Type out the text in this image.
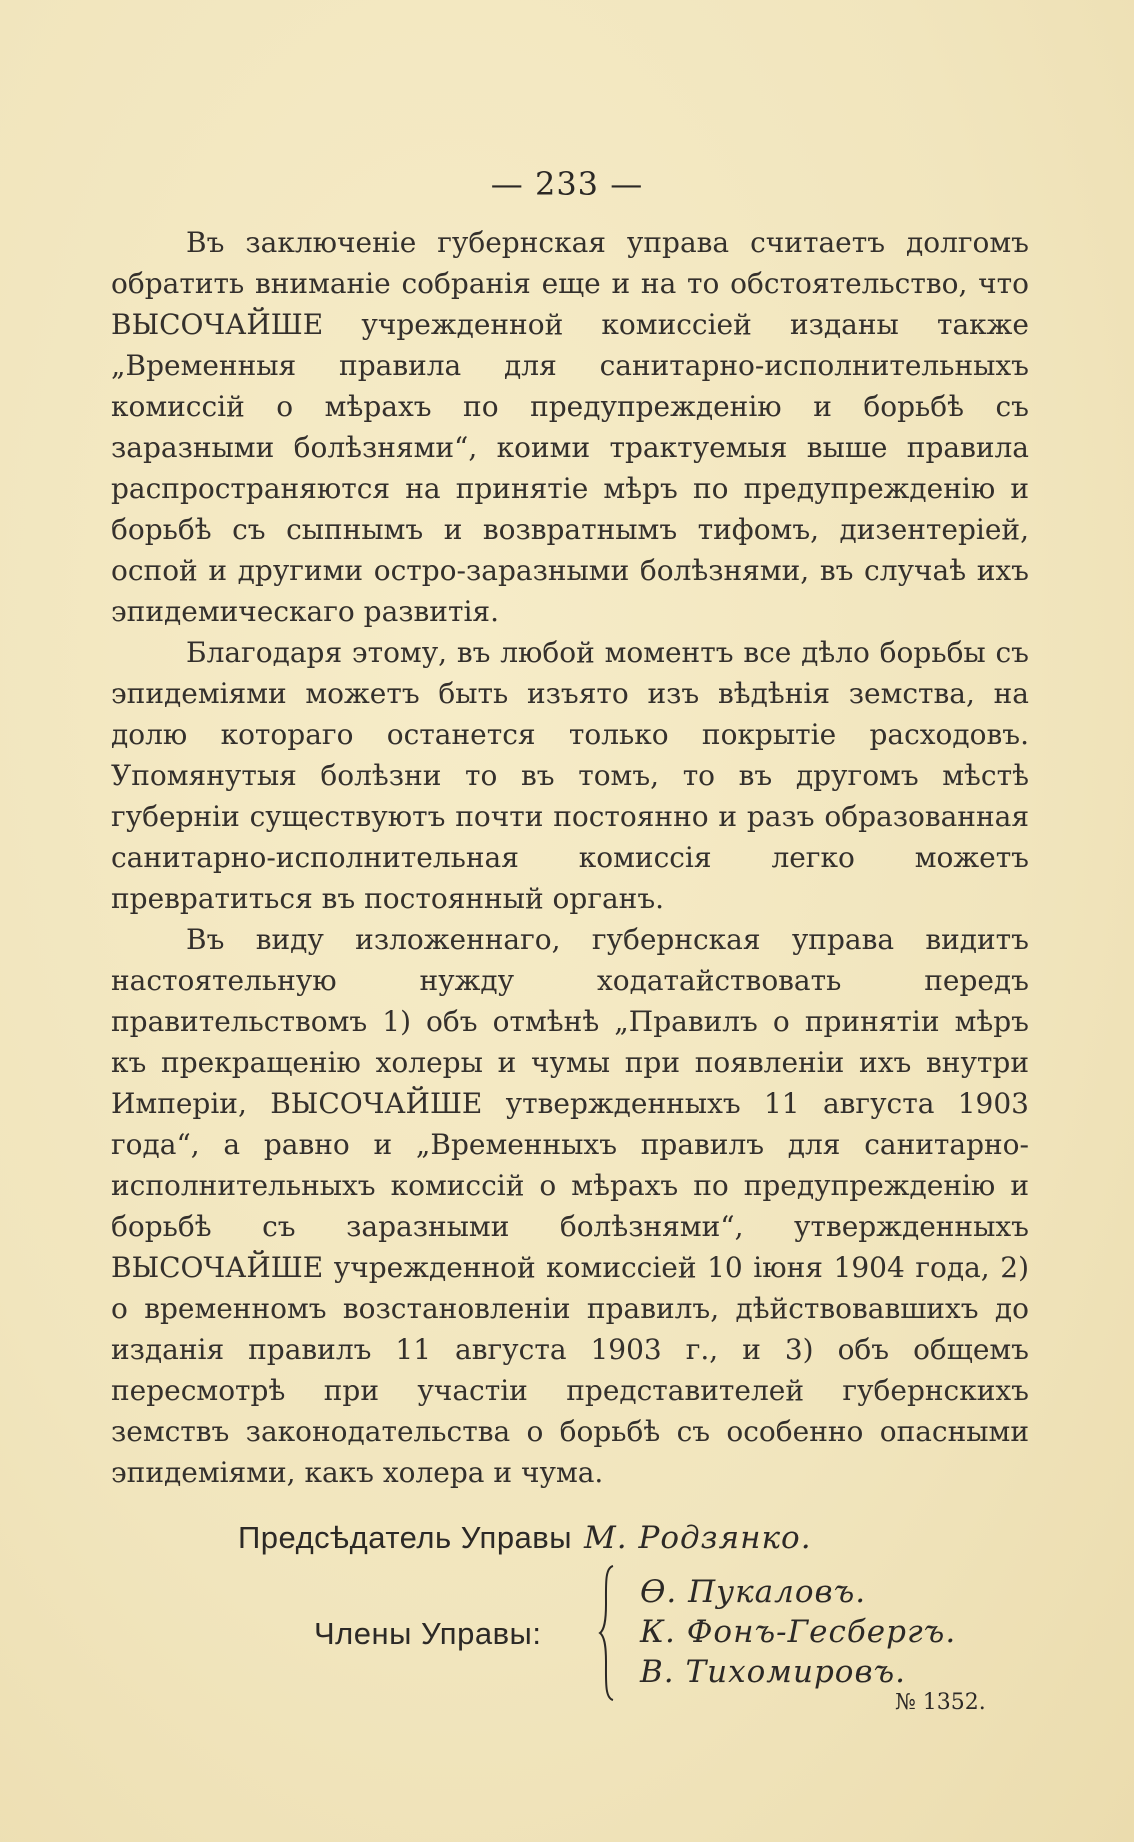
— 233 —

Въ заключеніе губернская управа считаетъ долгомъ обратить вниманіе собранія еще и на то обстоятельство, что ВЫСОЧАЙШЕ учрежденной комиссіей изданы также „Временныя правила для санитарно-исполнительныхъ комиссій о мѣрахъ по предупрежденію и борьбѣ съ заразными болѣзнями“, коими трактуемыя выше правила распространяются на принятіе мѣръ по предупрежденію и борьбѣ съ сыпнымъ и возвратнымъ тифомъ, дизентеріей, оспой и другими остро-заразными болѣзнями, въ случаѣ ихъ эпидемическаго развитія.

Благодаря этому, въ любой моментъ все дѣло борьбы съ эпидеміями можетъ быть изъято изъ вѣдѣнія земства, на долю котораго останется только покрытіе расходовъ. Упомянутыя болѣзни то въ томъ, то въ другомъ мѣстѣ губерніи существуютъ почти постоянно и разъ образованная санитарно-исполнительная комиссія легко можетъ превратиться въ постоянный органъ.

Въ виду изложеннаго, губернская управа видитъ настоятельную нужду ходатайствовать передъ правительствомъ 1) объ отмѣнѣ „Правилъ о принятіи мѣръ къ прекращенію холеры и чумы при появленіи ихъ внутри Имперіи, ВЫСОЧАЙШЕ утвержденныхъ 11 августа 1903 года“, а равно и „Временныхъ правилъ для санитарно-исполнительныхъ комиссій о мѣрахъ по предупрежденію и борьбѣ съ заразными болѣзнями“, утвержденныхъ ВЫСОЧАЙШЕ учрежденной комиссіей 10 іюня 1904 года, 2) о временномъ возстановленіи правилъ, дѣйствовавшихъ до изданія правилъ 11 августа 1903 г., и 3) объ общемъ пересмотрѣ при участіи представителей губернскихъ земствъ законодательства о борьбѣ съ особенно опасными эпидеміями, какъ холера и чума.

Предсѣдатель Управы М. Родзянко.
Члены Управы:
Ѳ. Пукаловъ.
К. Фонъ-Гесбергъ.
В. Тихомировъ.
№ 1352.
